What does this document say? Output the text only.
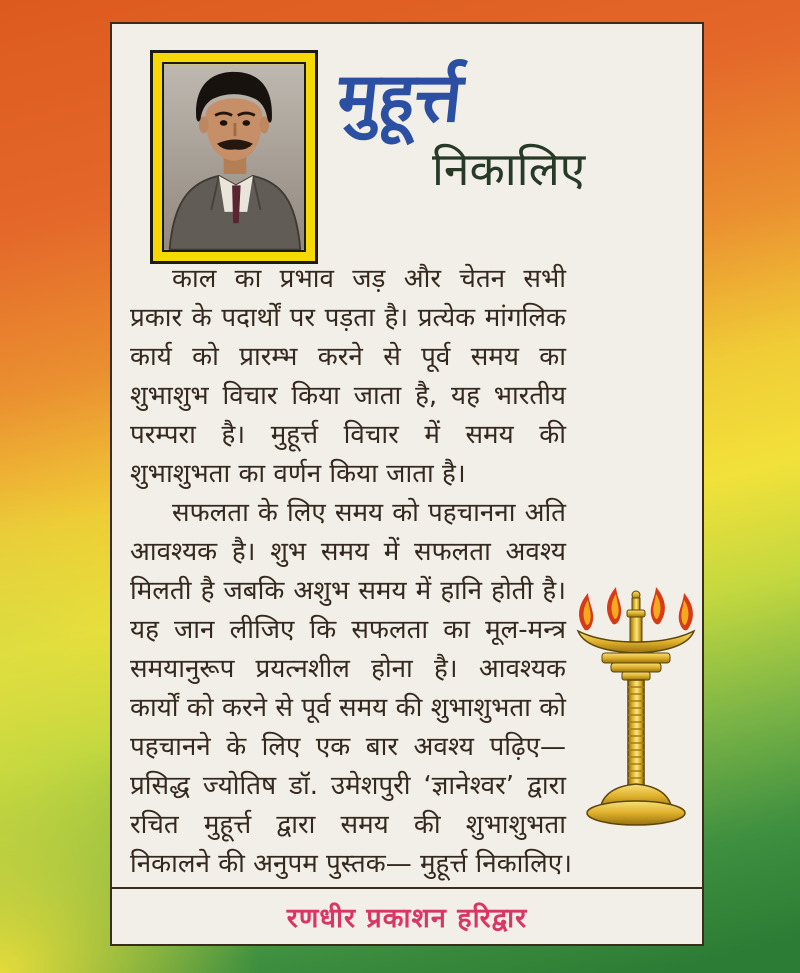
मुहूर्त्त
निकालिए

काल का प्रभाव जड़ और चेतन सभी प्रकार के पदार्थों पर पड़ता है। प्रत्येक मांगलिक कार्य को प्रारम्भ करने से पूर्व समय का शुभाशुभ विचार किया जाता है, यह भारतीय परम्परा है। मुहूर्त्त विचार में समय की शुभाशुभता का वर्णन किया जाता है।

सफलता के लिए समय को पहचानना अति आवश्यक है। शुभ समय में सफलता अवश्य मिलती है जबकि अशुभ समय में हानि होती है। यह जान लीजिए कि सफलता का मूल-मन्त्र समयानुरूप प्रयत्नशील होना है। आवश्यक कार्यों को करने से पूर्व समय की शुभाशुभता को पहचानने के लिए एक बार अवश्य पढ़िए—प्रसिद्ध ज्योतिष डॉ. उमेशपुरी ‘ज्ञानेश्वर’ द्वारा रचित मुहूर्त्त द्वारा समय की शुभाशुभता निकालने की अनुपम पुस्तक— मुहूर्त्त निकालिए।

रणधीर प्रकाशन हरिद्वार
